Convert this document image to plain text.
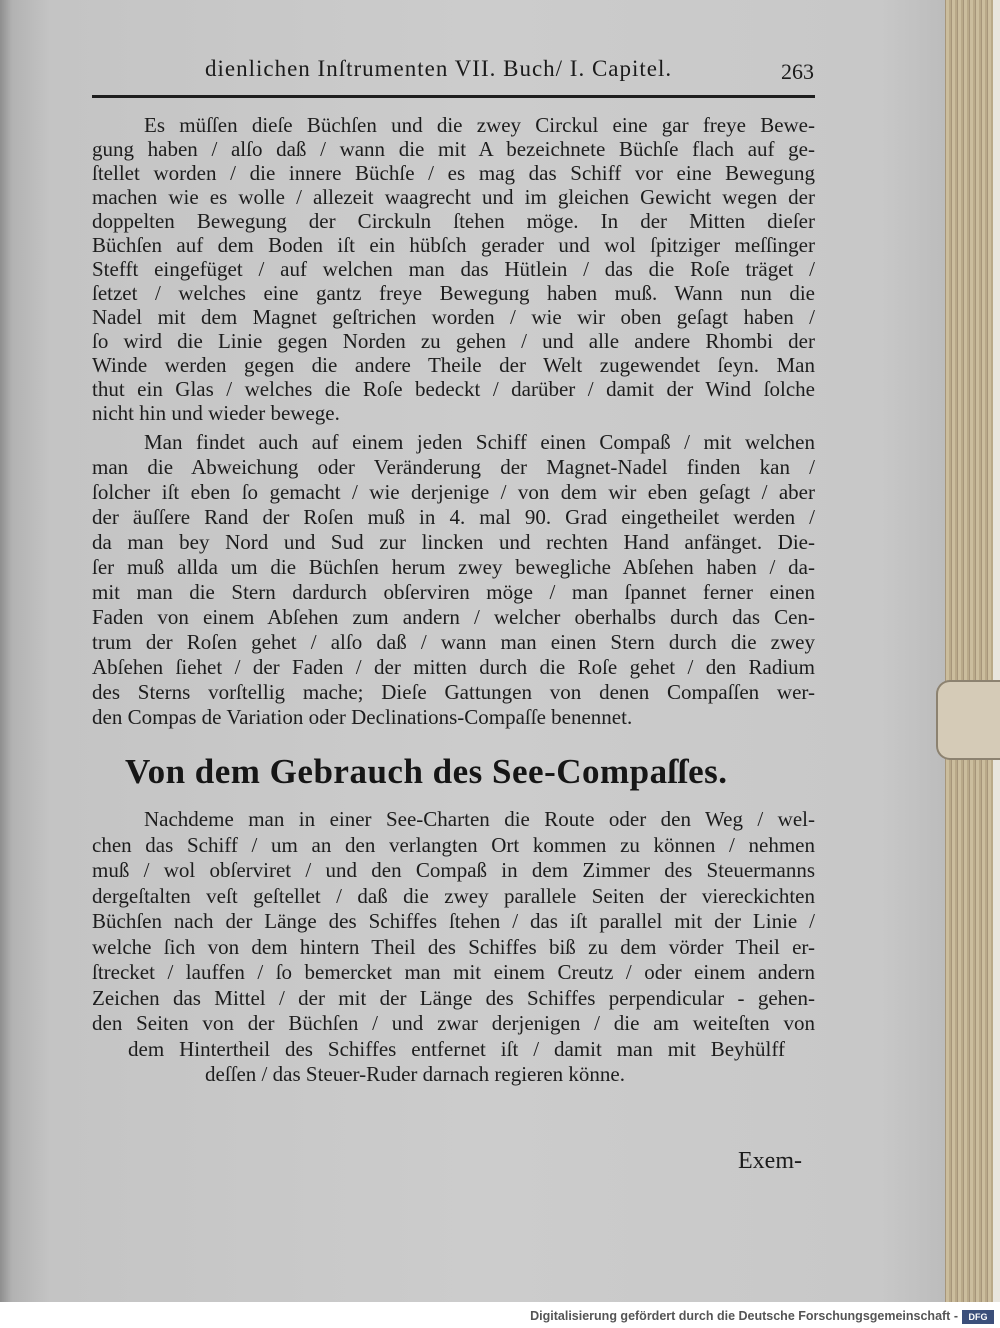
dienlichen Inſtrumenten VII. Buch/ I. Capitel.	263
Es müſſen dieſe Büchſen und die zwey Circkul eine gar freye Bewe-
gung haben / alſo daß / wann die mit A bezeichnete Büchſe flach auf ge-
ſtellet worden / die innere Büchſe / es mag das Schiff vor eine Bewegung
machen wie es wolle / allezeit waagrecht und im gleichen Gewicht wegen der
doppelten Bewegung der Circkuln ſtehen möge. In der Mitten dieſer
Büchſen auf dem Boden iſt ein hübſch gerader und wol ſpitziger meſſinger
Stefft eingefüget / auf welchen man das Hütlein / das die Roſe träget /
ſetzet / welches eine gantz freye Bewegung haben muß. Wann nun die
Nadel mit dem Magnet geſtrichen worden / wie wir oben geſagt haben /
ſo wird die Linie gegen Norden zu gehen / und alle andere Rhombi der
Winde werden gegen die andere Theile der Welt zugewendet ſeyn. Man
thut ein Glas / welches die Roſe bedeckt / darüber / damit der Wind ſolche
nicht hin und wieder bewege.
Man findet auch auf einem jeden Schiff einen Compaß / mit welchen
man die Abweichung oder Veränderung der Magnet-Nadel finden kan /
ſolcher iſt eben ſo gemacht / wie derjenige / von dem wir eben geſagt / aber
der äuſſere Rand der Roſen muß in 4. mal 90. Grad eingetheilet werden /
da man bey Nord und Sud zur lincken und rechten Hand anfänget. Die-
ſer muß allda um die Büchſen herum zwey bewegliche Abſehen haben / da-
mit man die Stern dardurch obſerviren möge / man ſpannet ferner einen
Faden von einem Abſehen zum andern / welcher oberhalbs durch das Cen-
trum der Roſen gehet / alſo daß / wann man einen Stern durch die zwey
Abſehen ſiehet / der Faden / der mitten durch die Roſe gehet / den Radium
des Sterns vorſtellig mache; Dieſe Gattungen von denen Compaſſen wer-
den Compas de Variation oder Declinations-Compaſſe benennet.
Von dem Gebrauch des See-Compaſſes.
Nachdeme man in einer See-Charten die Route oder den Weg / wel-
chen das Schiff / um an den verlangten Ort kommen zu können / nehmen
muß / wol obſerviret / und den Compaß in dem Zimmer des Steuermanns
dergeſtalten veſt geſtellet / daß die zwey parallele Seiten der viereckichten
Büchſen nach der Länge des Schiffes ſtehen / das iſt parallel mit der Linie /
welche ſich von dem hintern Theil des Schiffes biß zu dem vörder Theil er-
ſtrecket / lauffen / ſo bemercket man mit einem Creutz / oder einem andern
Zeichen das Mittel / der mit der Länge des Schiffes perpendicular - gehen-
den Seiten von der Büchſen / und zwar derjenigen / die am weiteſten von
dem Hintertheil des Schiffes entfernet iſt / damit man mit Beyhülff
deſſen / das Steuer-Ruder darnach regieren könne.
Exem-
Digitalisierung gefördert durch die Deutsche Forschungsgemeinschaft -	DFG
